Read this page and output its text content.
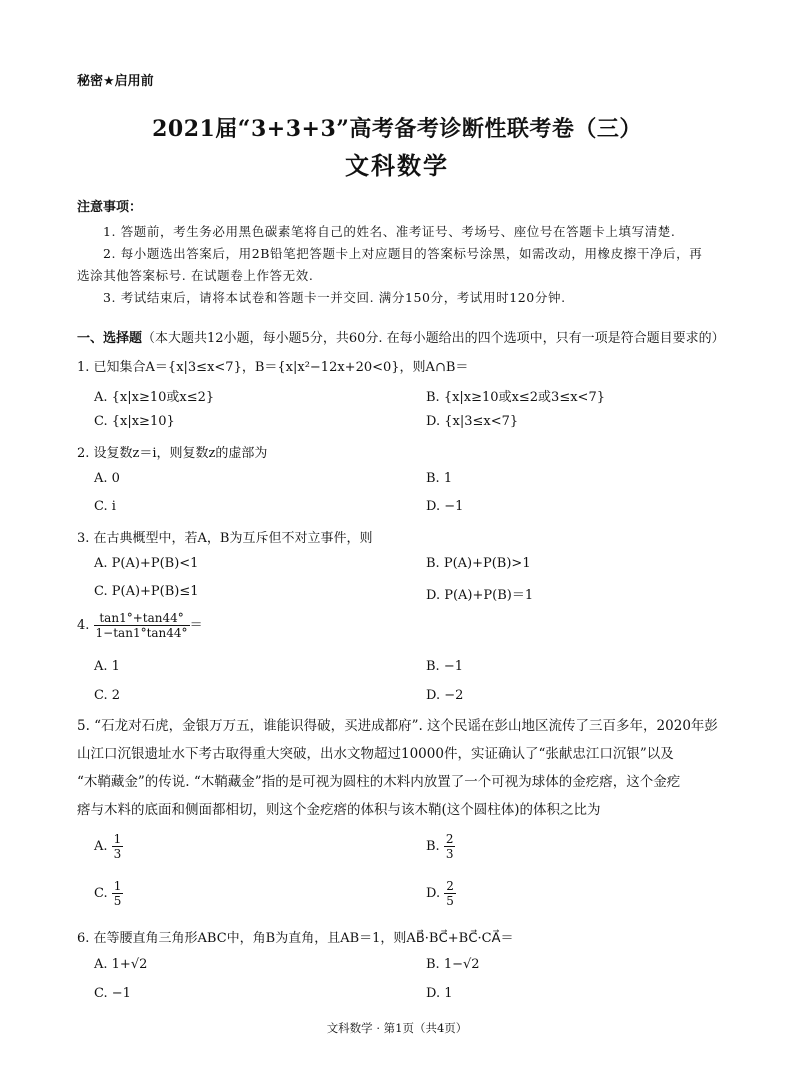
秘密★启用前
2021届“3+3+3”高考备考诊断性联考卷（三）
文科数学
注意事项：
1. 答题前，考生务必用黑色碳素笔将自己的姓名、准考证号、考场号、座位号在答题卡上填写清楚.
2. 每小题选出答案后，用2B铅笔把答题卡上对应题目的答案标号涂黑，如需改动，用橡皮擦干净后，再
选涂其他答案标号. 在试题卷上作答无效.
3. 考试结束后，请将本试卷和答题卡一并交回. 满分150分，考试用时120分钟.
一、选择题（本大题共12小题，每小题5分，共60分. 在每小题给出的四个选项中，只有一项是符合题目要求的）
1. 已知集合A＝{x|3≤x<7}，B＝{x|x²−12x+20<0}，则A∩B＝
A. {x|x≥10或x≤2}	B. {x|x≥10或x≤2或3≤x<7}
C. {x|x≥10}	D. {x|3≤x<7}
2. 设复数z＝i，则复数z的虚部为
A. 0	B. 1
C. i	D. −1
3. 在古典概型中，若A，B为互斥但不对立事件，则
A. P(A)+P(B)<1	B. P(A)+P(B)>1
C. P(A)+P(B)≤1	D. P(A)+P(B)＝1
4. $\frac{\tan 1^\circ+\tan 44^\circ}{1-\tan 1^\circ\tan 44^\circ}$ ＝
A. 1	B. −1
C. 2	D. −2
5. “石龙对石虎，金银万万五，谁能识得破，买进成都府”. 这个民谣在彭山地区流传了三百多年，2020年彭
山江口沉银遗址水下考古取得重大突破，出水文物超过10000件，实证确认了“张献忠江口沉银”以及
“木鞘藏金”的传说. “木鞘藏金”指的是可视为圆柱的木料内放置了一个可视为球体的金疙瘩，这个金疙
瘩与木料的底面和侧面都相切，则这个金疙瘩的体积与该木鞘(这个圆柱体)的体积之比为
A. $\frac{1}{3}$	B. $\frac{2}{3}$
C. $\frac{1}{5}$	D. $\frac{2}{5}$
6. 在等腰直角三角形ABC中，角B为直角，且AB＝1，则AB⃗·BC⃗+BC⃗·CA⃗＝
A. 1+√2	B. 1−√2
C. −1	D. 1
文科数学 · 第1页（共4页）
